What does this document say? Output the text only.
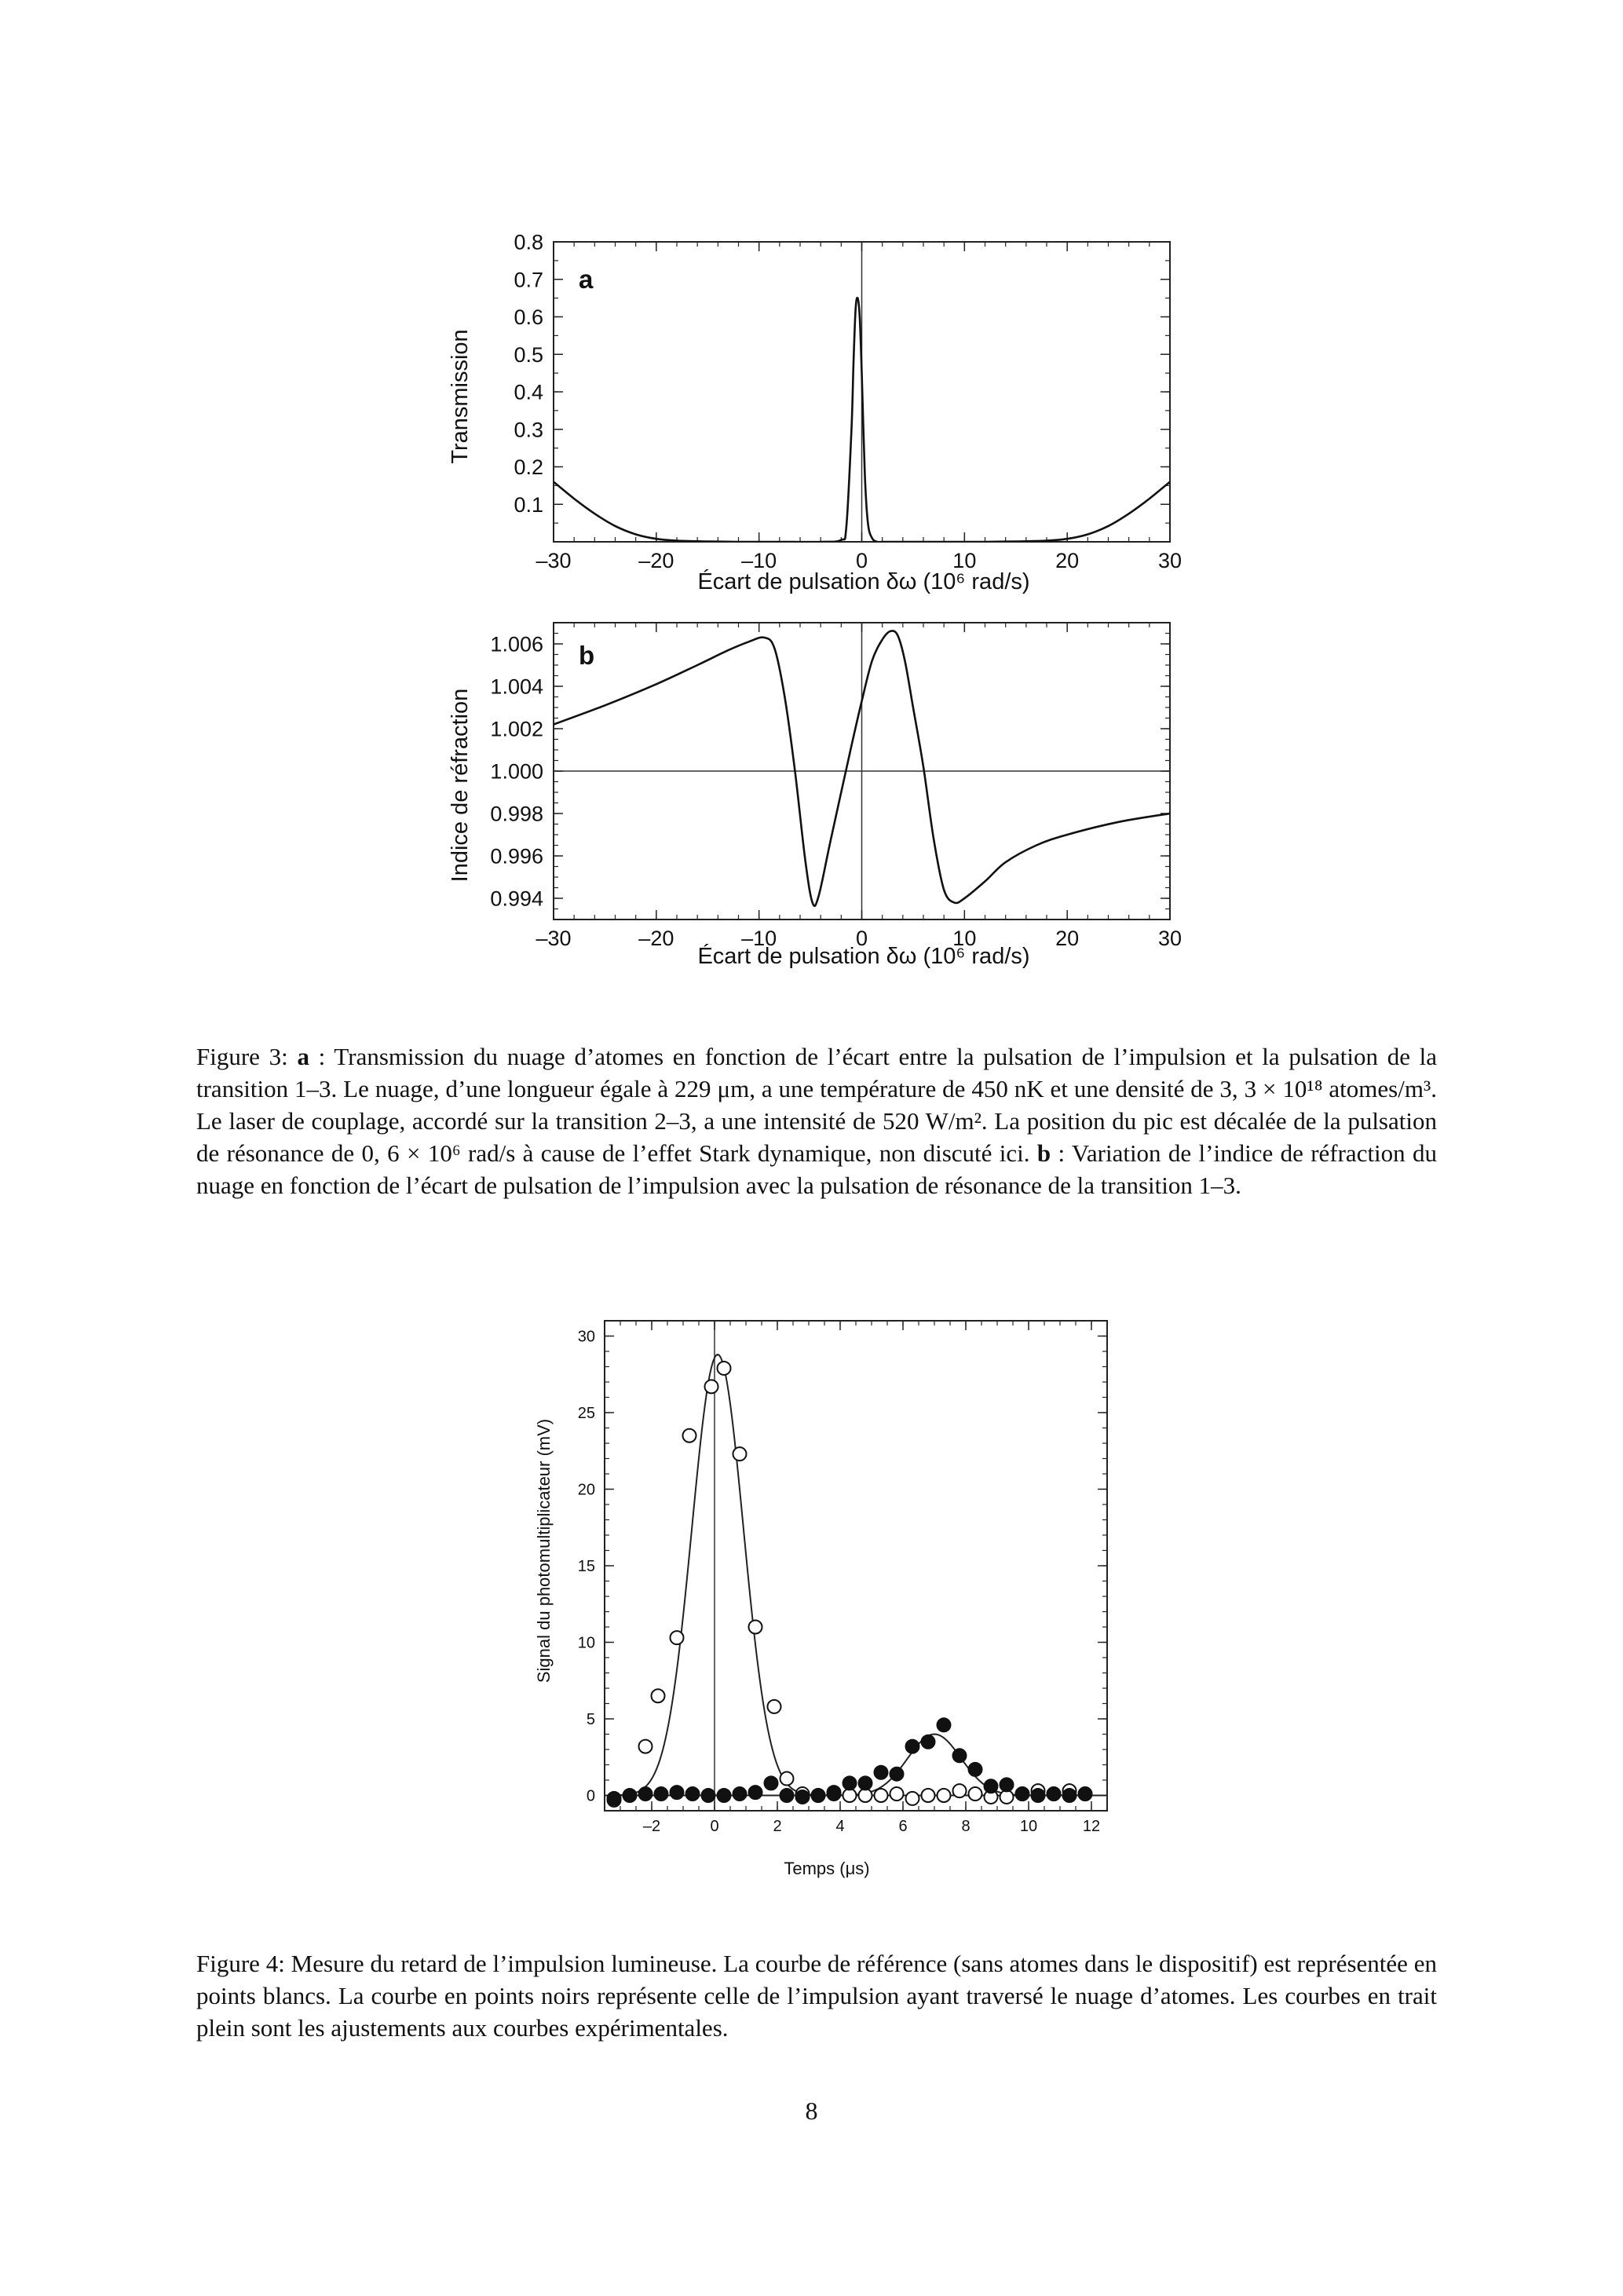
–30	–20	–10	0	10	20	30
0.1
0.2
0.3
0.4
0.5
0.6
0.7
0.8
Transmission
Écart de pulsation δω (10⁶ rad/s)
a
–30	–20	–10	0	10	20	30
0.994
0.996
0.998
1.000
1.002
1.004
1.006
Indice de réfraction
Écart de pulsation δω (10⁶ rad/s)
b
Figure 3: a : Transmission du nuage d’atomes en fonction de l’écart entre la pulsation de l’impulsion et la pulsation de la transition 1–3. Le nuage, d’une longueur égale à 229 μm, a une température de 450 nK et une densité de 3, 3 × 10¹⁸ atomes/m³. Le laser de couplage, accordé sur la transition 2–3, a une intensité de 520 W/m². La position du pic est décalée de la pulsation de résonance de 0, 6 × 10⁶ rad/s à cause de l’effet Stark dynamique, non discuté ici. b : Variation de l’indice de réfraction du nuage en fonction de l’écart de pulsation de l’impulsion avec la pulsation de résonance de la transition 1–3.
–2	0	2	4	6	8	10	12
0
5
10
15
20
25
30
Signal du photomultiplicateur (mV)
Temps (μs)
Figure 4: Mesure du retard de l’impulsion lumineuse. La courbe de référence (sans atomes dans le dispositif) est représentée en points blancs. La courbe en points noirs représente celle de l’impulsion ayant traversé le nuage d’atomes. Les courbes en trait plein sont les ajustements aux courbes expérimentales.
8
